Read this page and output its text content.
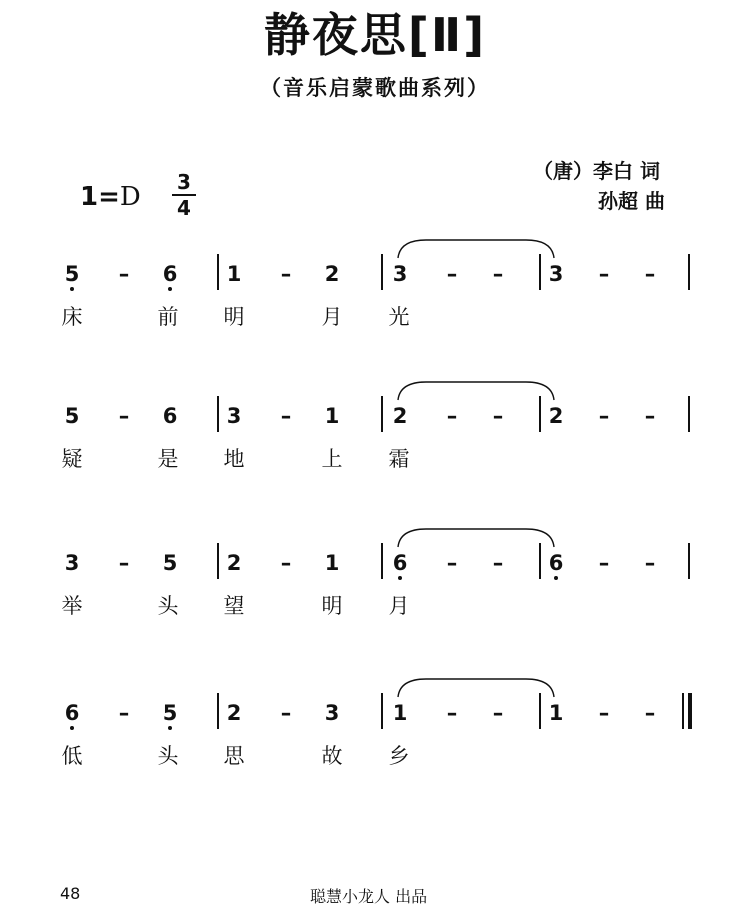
静夜思[Ⅱ]
（音乐启蒙歌曲系列）
（唐）李白 词
孙超 曲
1=D 3
4
5	–	6	1	–	2	3	–	–	3	–	–
床	前 明	月 光
5	–	6	3	–	1	2	–	–	2	–	–
疑	是 地	上 霜
3	–	5	2	–	1	6	–	–	6	–	–
举	头 望	明 月
6	–	5	2	–	3	1	–	–	1	–	–
低	头 思	故 乡
48	聪慧小龙人 出品
